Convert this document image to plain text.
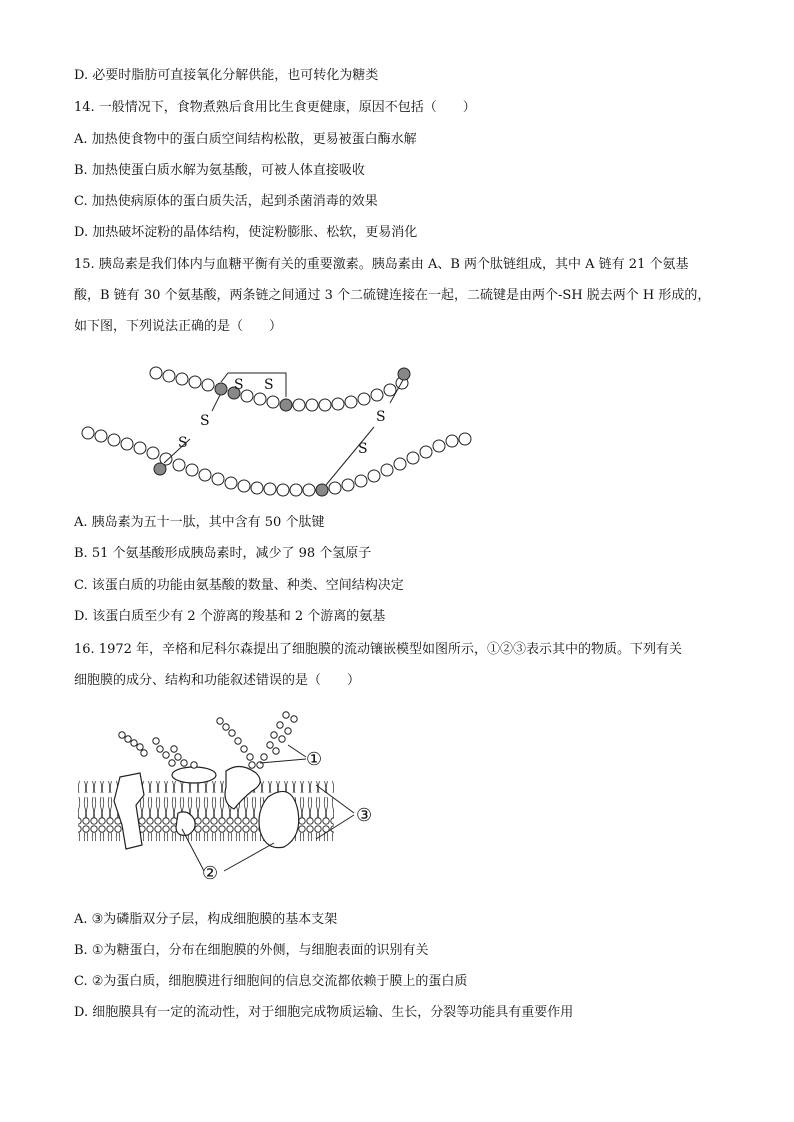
D. 必要时脂肪可直接氧化分解供能，也可转化为糖类
14. 一般情况下，食物煮熟后食用比生食更健康，原因不包括（　　）
A. 加热使食物中的蛋白质空间结构松散，更易被蛋白酶水解
B. 加热使蛋白质水解为氨基酸，可被人体直接吸收
C. 加热使病原体的蛋白质失活，起到杀菌消毒的效果
D. 加热破坏淀粉的晶体结构，使淀粉膨胀、松软，更易消化
15. 胰岛素是我们体内与血糖平衡有关的重要激素。胰岛素由 A、B 两个肽链组成，其中 A 链有 21 个氨基
酸，B 链有 30 个氨基酸，两条链之间通过 3 个二硫键连接在一起，二硫键是由两个-SH 脱去两个 H 形成的，
如下图，下列说法正确的是（　　）
S S
S
S
S
S
A. 胰岛素为五十一肽，其中含有 50 个肽键
B. 51 个氨基酸形成胰岛素时，减少了 98 个氢原子
C. 该蛋白质的功能由氨基酸的数量、种类、空间结构决定
D. 该蛋白质至少有 2 个游离的羧基和 2 个游离的氨基
16. 1972 年，辛格和尼科尔森提出了细胞膜的流动镶嵌模型如图所示，①②③表示其中的物质。下列有关
细胞膜的成分、结构和功能叙述错误的是（　　）
①
②
③
A. ③为磷脂双分子层，构成细胞膜的基本支架
B. ①为糖蛋白，分布在细胞膜的外侧，与细胞表面的识别有关
C. ②为蛋白质，细胞膜进行细胞间的信息交流都依赖于膜上的蛋白质
D. 细胞膜具有一定的流动性，对于细胞完成物质运输、生长，分裂等功能具有重要作用
